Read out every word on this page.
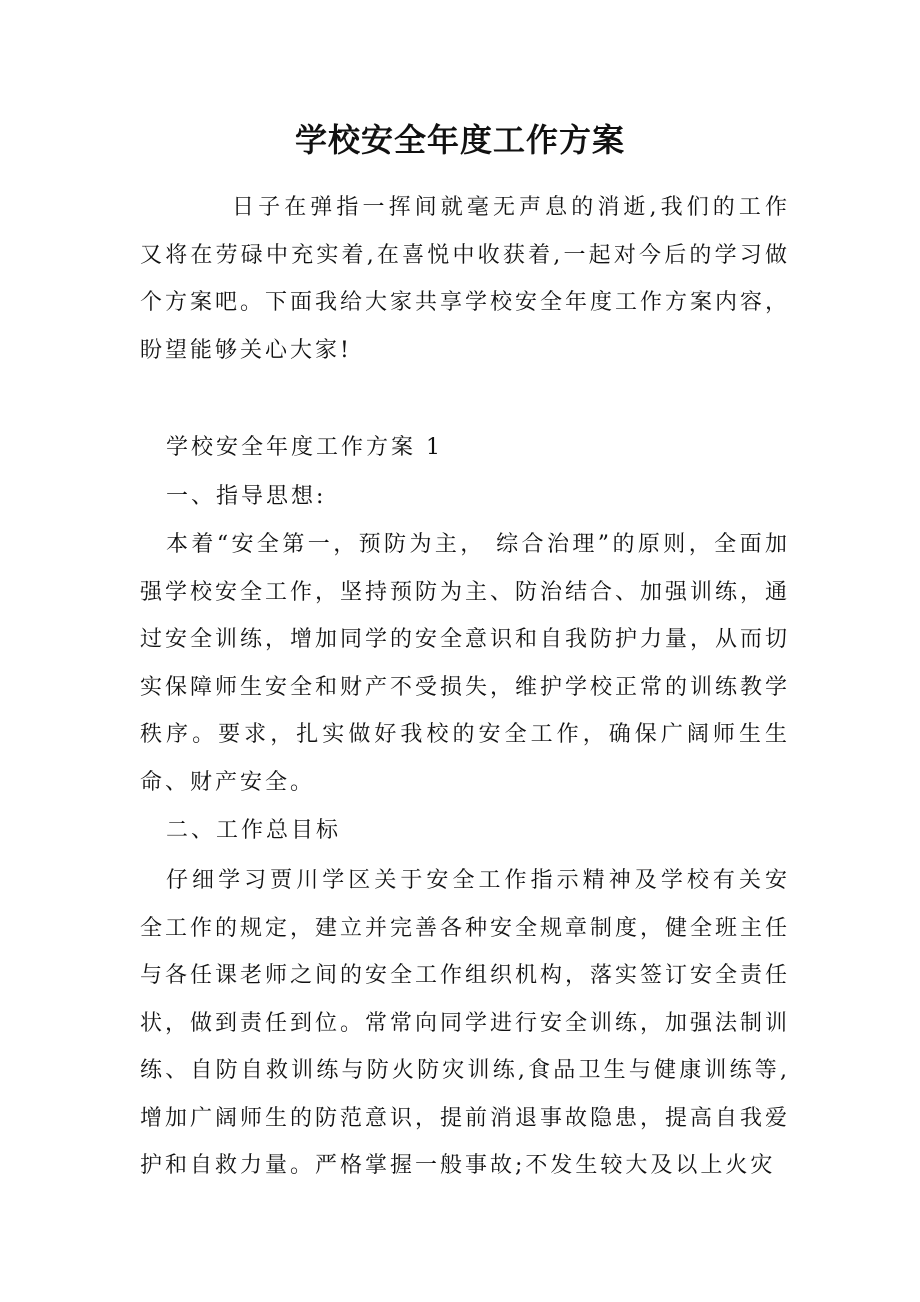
学校安全年度工作方案
日子在弹指一挥间就毫无声息的消逝,我们的工作又将在劳碌中充实着,在喜悦中收获着,一起对今后的学习做个方案吧。下面我给大家共享学校安全年度工作方案内容，盼望能够关心大家!
学校安全年度工作方案 1
一、指导思想:
本着“安全第一，预防为主， 综合治理”的原则，全面加强学校安全工作，坚持预防为主、防治结合、加强训练，通过安全训练，增加同学的安全意识和自我防护力量，从而切实保障师生安全和财产不受损失，维护学校正常的训练教学秩序。要求，扎实做好我校的安全工作，确保广阔师生生命、财产安全。
二、工作总目标
仔细学习贾川学区关于安全工作指示精神及学校有关安全工作的规定，建立并完善各种安全规章制度，健全班主任与各任课老师之间的安全工作组织机构，落实签订安全责任状，做到责任到位。常常向同学进行安全训练，加强法制训练、自防自救训练与防火防灾训练,食品卫生与健康训练等,增加广阔师生的防范意识，提前消退事故隐患，提高自我爱护和自救力量。严格掌握一般事故;不发生较大及以上火灾
